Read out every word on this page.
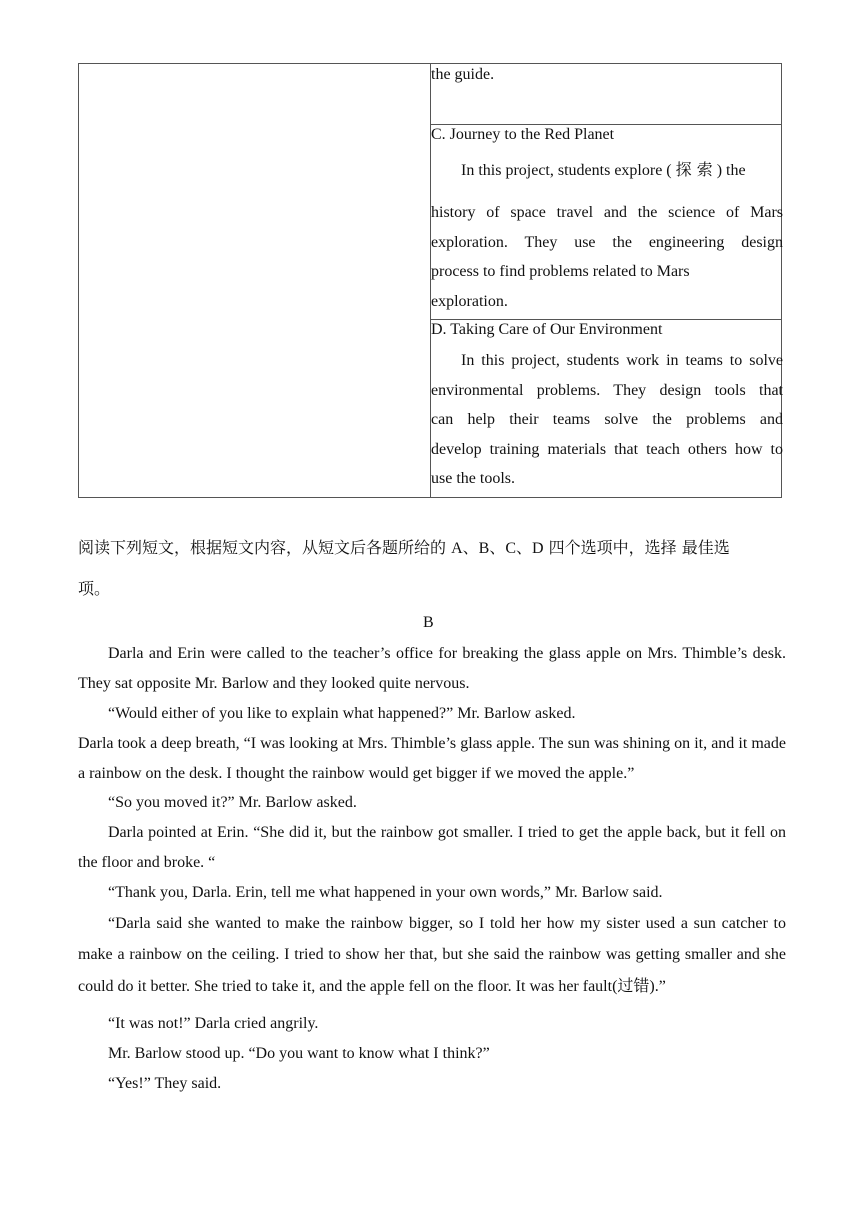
the guide.
C. Journey to the Red Planet
In this project, students explore ( 探 索 ) the

history of space travel and the science of Mars

exploration. They use the engineering design

process to find problems related to Mars

exploration.

D. Taking Care of Our Environment

In this project, students work in teams to solve

environmental problems. They design tools that

can help their teams solve the problems and

develop training materials that teach others how to

use the tools.

阅读下列短文，根据短文内容，从短文后各题所给的 A、B、C、D 四个选项中，选择 最佳选
项。
B

Darla and Erin were called to the teacher’s office for breaking the glass apple on Mrs. Thimble’s desk. They sat opposite Mr. Barlow and they looked quite nervous.

“Would either of you like to explain what happened?” Mr. Barlow asked.

Darla took a deep breath, “I was looking at Mrs. Thimble’s glass apple. The sun was shining on it, and it made a rainbow on the desk. I thought the rainbow would get bigger if we moved the apple.”

“So you moved it?” Mr. Barlow asked.

Darla pointed at Erin. “She did it, but the rainbow got smaller. I tried to get the apple back, but it fell on the floor and broke. “

“Thank you, Darla. Erin, tell me what happened in your own words,” Mr. Barlow said.

“Darla said she wanted to make the rainbow bigger, so I told her how my sister used a sun catcher to make a rainbow on the ceiling. I tried to show her that, but she said the rainbow was getting smaller and she could do it better. She tried to take it, and the apple fell on the floor. It was her fault(过错).”

“It was not!” Darla cried angrily.

Mr. Barlow stood up. “Do you want to know what I think?”

“Yes!” They said.
